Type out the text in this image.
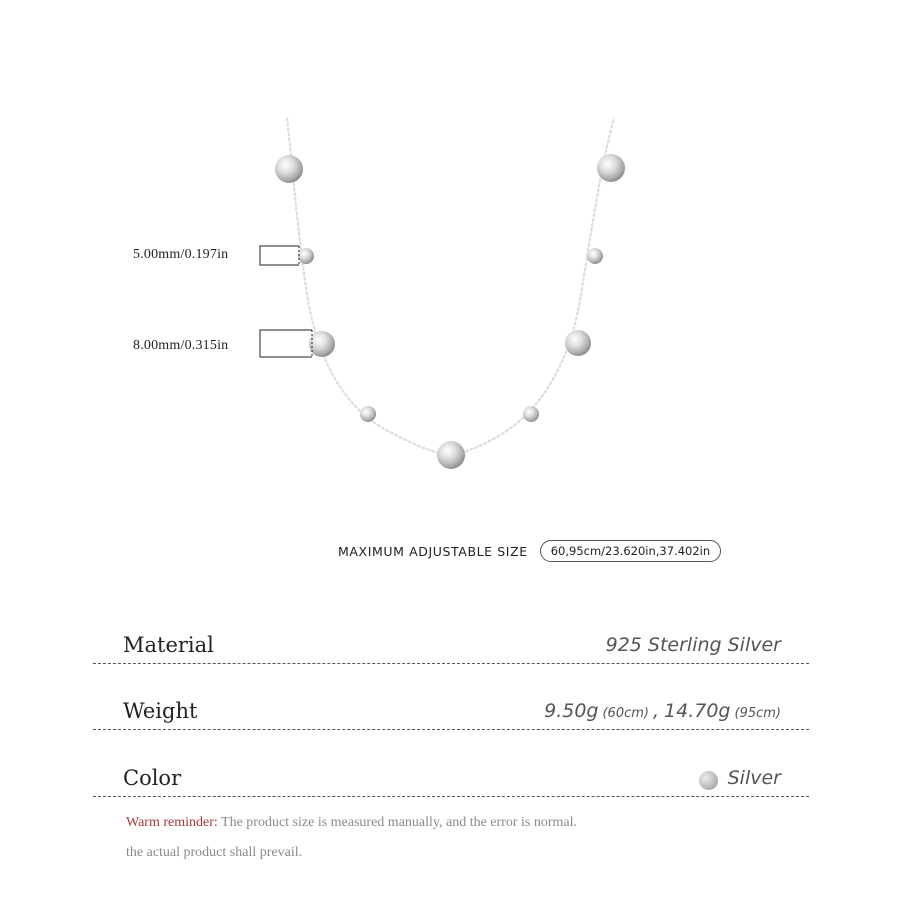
5.00mm/0.197in
8.00mm/0.315in
MAXIMUM ADJUSTABLE SIZE	60,95cm/23.620in,37.402in
Material	925 Sterling Silver
Weight	9.50g (60cm) , 14.70g (95cm)
Color	Silver
Warm reminder: The product size is measured manually, and the error is normal.
the actual product shall prevail.
